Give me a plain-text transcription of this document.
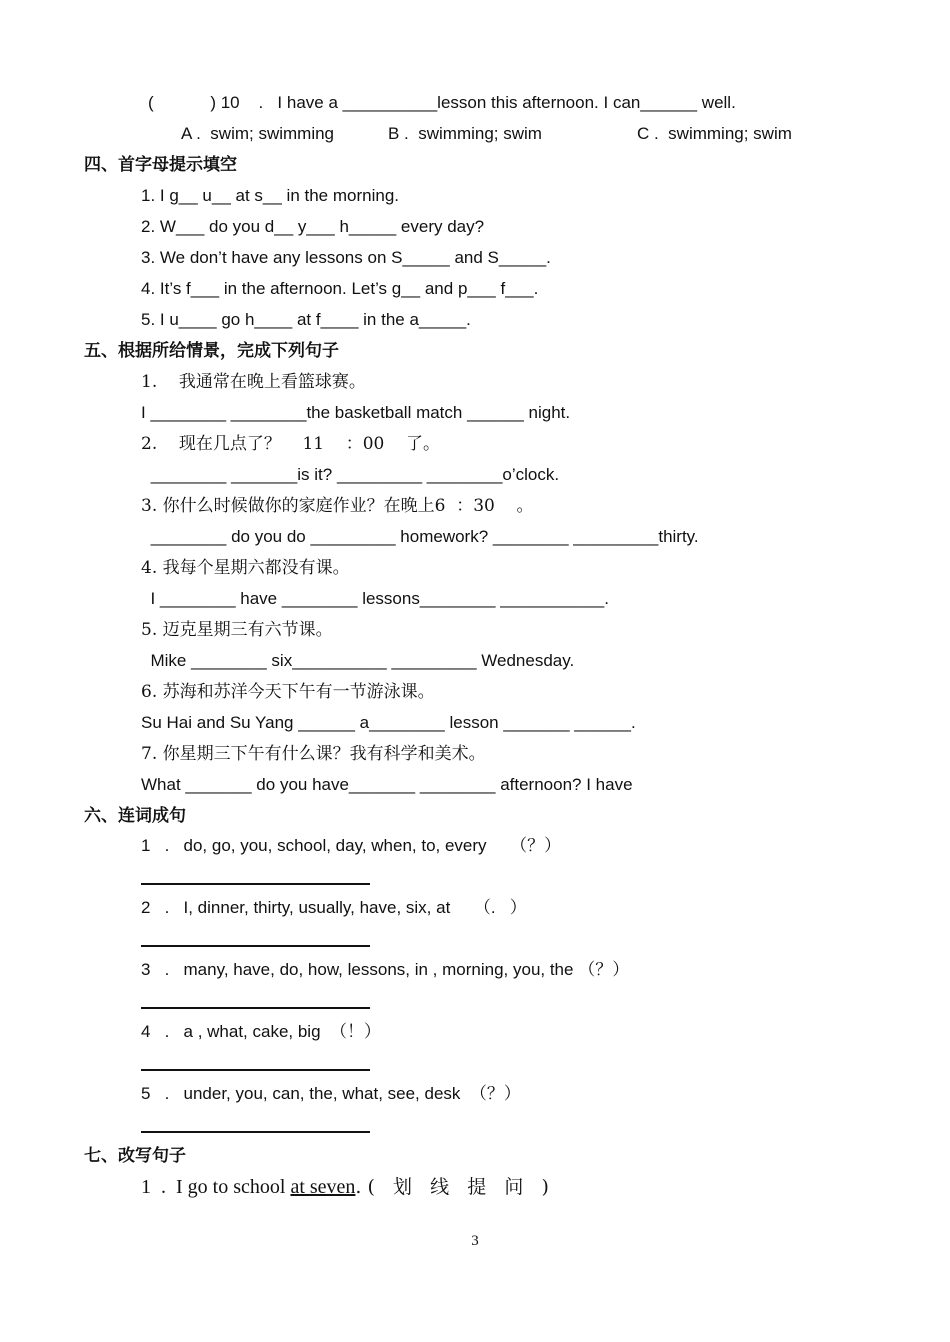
(            ) 10    .   I have a __________lesson this afternoon. I can______ well.
A .  swim; swimming	B .  swimming; swim	C .  swimming; swim
四、首字母提示填空
1. I g__ u__ at s__ in the morning.
2. W___ do you d__ y___ h_____ every day?
3. We don’t have any lessons on S_____ and S_____.
4. It’s f___ in the afternoon. Let’s g__ and p___ f___.
5. I u____ go h____ at f____ in the a_____.
五、根据所给情景，完成下列句子
1.    我通常在晚上看篮球赛。
I ________ ________the basketball match ______ night.
2.    现在几点了？    11    ：00    了。
________ _______is it? _________ ________o’clock.
3. 你什么时候做你的家庭作业？在晚上6  ：30    。
________ do you do _________ homework? ________ _________thirty.
4. 我每个星期六都没有课。
I ________ have ________ lessons________ ___________.
5. 迈克星期三有六节课。
Mike ________ six__________ _________ Wednesday.
6. 苏海和苏洋今天下午有一节游泳课。
Su Hai and Su Yang ______ a________ lesson _______ ______.
7. 你星期三下午有什么课？我有科学和美术。
What _______ do you have_______ ________ afternoon? I have
六、连词成句
1   .   do, go, you, school, day, when, to, every     （？）
2   .   I, dinner, thirty, usually, have, six, at     （.   ）
3   .   many, have, do, how, lessons, in , morning, you, the （？）
4   .   a , what, cake, big  （！）
5   .   under, you, can, the, what, see, desk  （？）
七、改写句子
1  .  I go to school at seven. (   划   线   提   问   )
3
